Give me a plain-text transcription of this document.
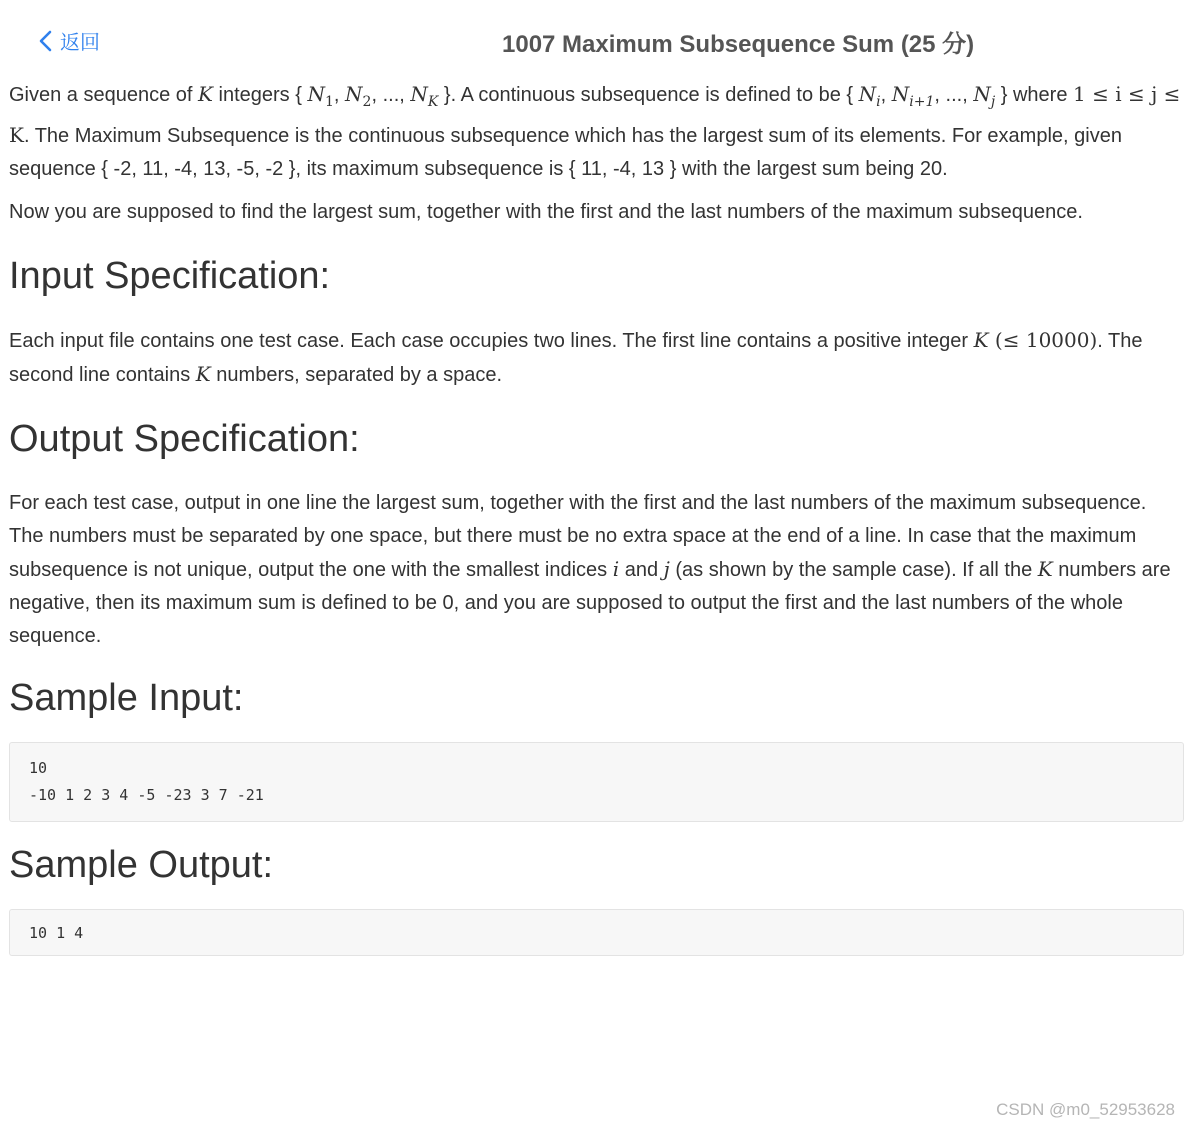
返回	1007 Maximum Subsequence Sum (25 分)

Given a sequence of K integers { $N_1$, $N_2$, ..., $N_K$ }. A continuous subsequence is defined to be { $N_i$, $N_{i+1}$, ..., $N_j$ } where 1 ≤ i ≤ j ≤ K. The Maximum Subsequence is the continuous subsequence which has the largest sum of its elements. For example, given sequence { -2, 11, -4, 13, -5, -2 }, its maximum subsequence is { 11, -4, 13 } with the largest sum being 20.

Now you are supposed to find the largest sum, together with the first and the last numbers of the maximum subsequence.

Input Specification:

Each input file contains one test case. Each case occupies two lines. The first line contains a positive integer K (≤ 10000). The second line contains K numbers, separated by a space.

Output Specification:

For each test case, output in one line the largest sum, together with the first and the last numbers of the maximum subsequence. The numbers must be separated by one space, but there must be no extra space at the end of a line. In case that the maximum subsequence is not unique, output the one with the smallest indices i and j (as shown by the sample case). If all the K numbers are negative, then its maximum sum is defined to be 0, and you are supposed to output the first and the last numbers of the whole sequence.

Sample Input:
10
-10 1 2 3 4 -5 -23 3 7 -21
Sample Output:
10 1 4
CSDN @m0_52953628
